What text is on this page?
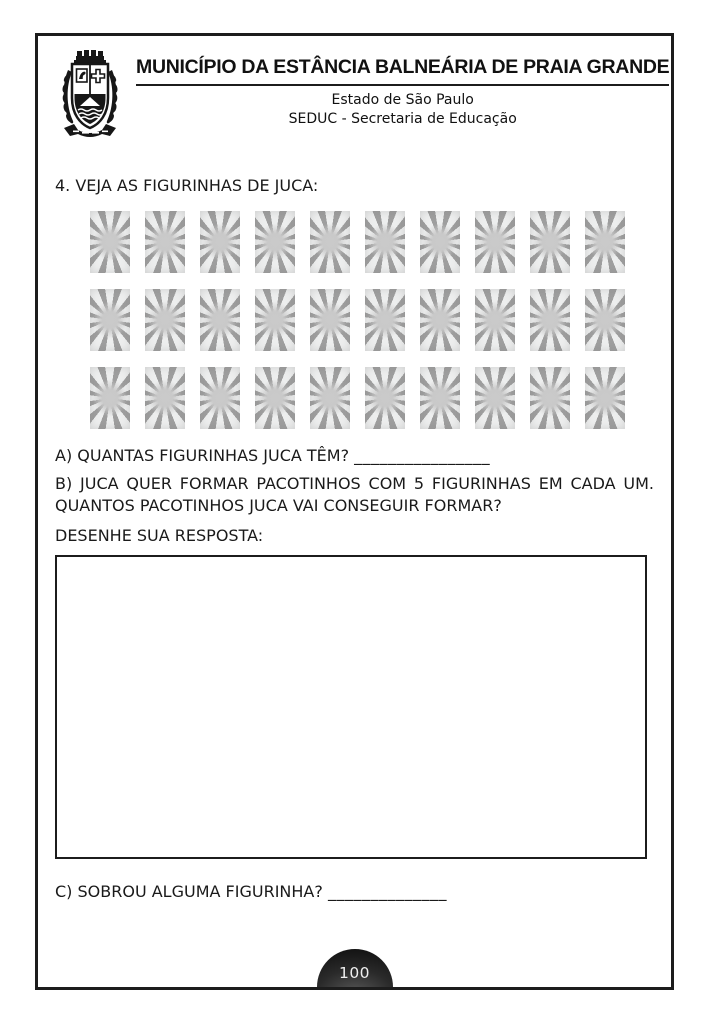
MUNICÍPIO DA ESTÂNCIA BALNEÁRIA DE PRAIA GRANDE
Estado de São Paulo
SEDUC - Secretaria de Educação
4. VEJA AS FIGURINHAS DE JUCA:
A) QUANTAS FIGURINHAS JUCA TÊM? ________________
B) JUCA QUER FORMAR PACOTINHOS COM 5 FIGURINHAS EM CADA UM.
QUANTOS PACOTINHOS JUCA VAI CONSEGUIR FORMAR?
DESENHE SUA RESPOSTA:
C) SOBROU ALGUMA FIGURINHA? ______________
100
